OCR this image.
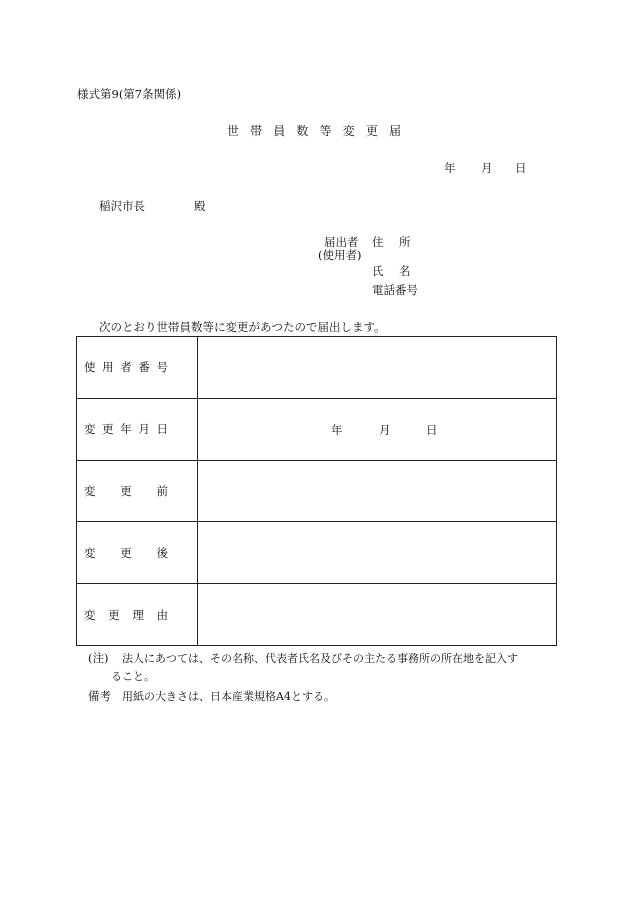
様式第9(第7条関係)
世 帯 員 数 等 変 更 届
年 月 日
稲沢市長	殿
届出者
(使用者)
住　所
氏　名
電話番号
次のとおり世帯員数等に変更があつたので届出します。
使 用 者 番 号	

変 更 年 月 日	年 月 日

変 更 前	

変 更 後	

変 更 理 由	

(注) 法人にあつては、その名称、代表者氏名及びその主たる事務所の所在地を記入す
ること。
備考 用紙の大きさは、日本産業規格A4とする。
